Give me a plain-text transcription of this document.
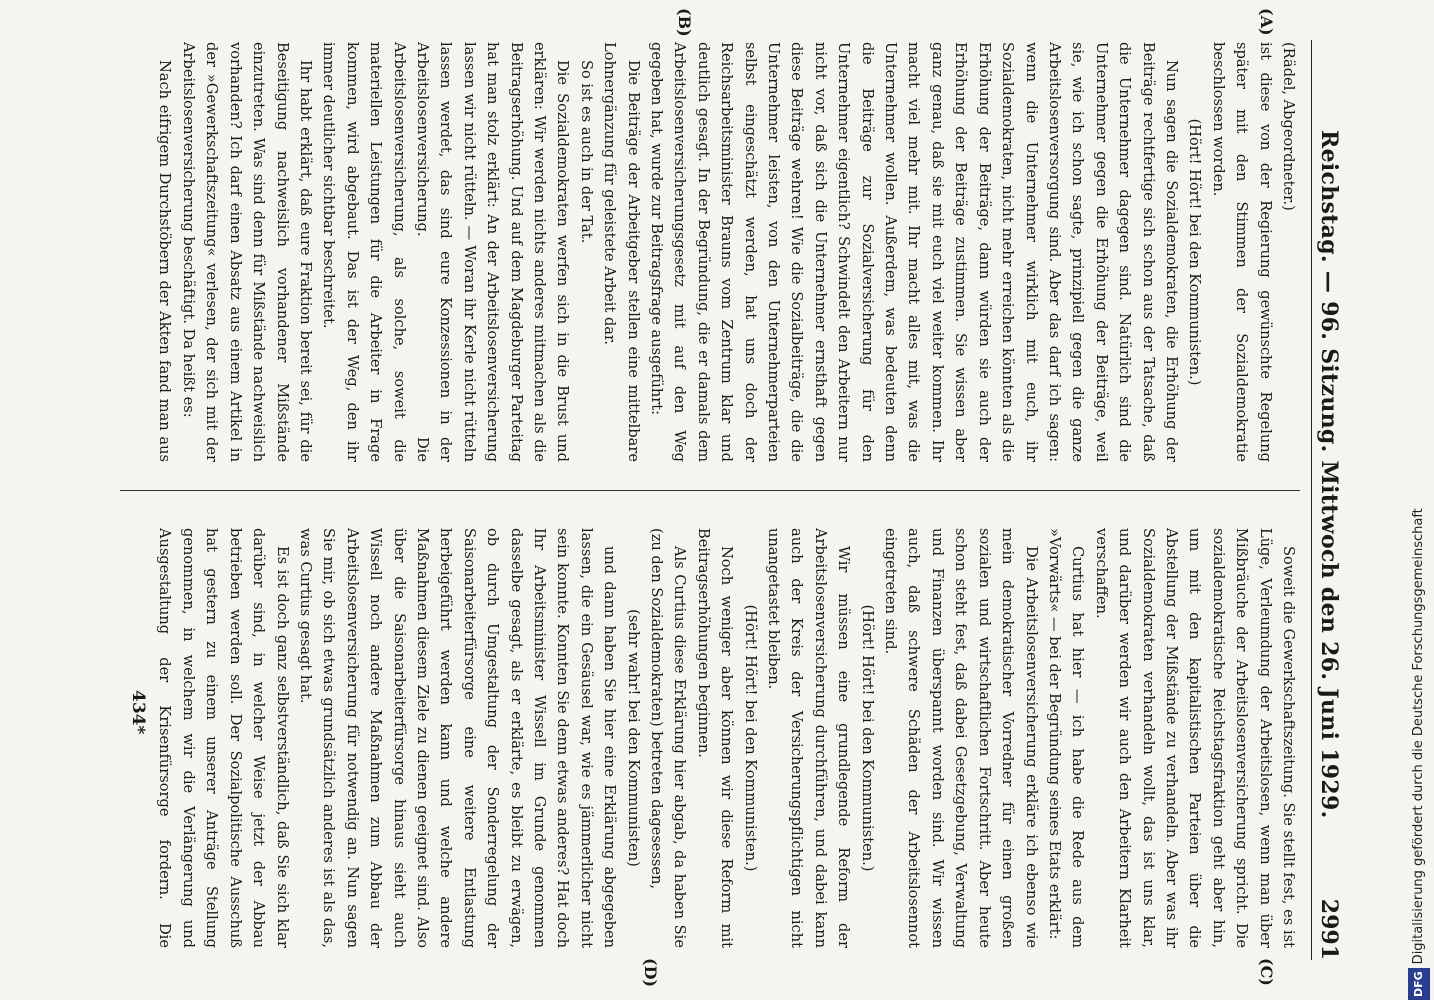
Reichstag. — 96. Sitzung. Mittwoch den 26. Juni 1929.
2991
(A)
(B)
(C)
(D)

(Rädel, Abgeordneter.)

ist diese von der Regierung gewünschte Regelung später mit den Stimmen der Sozialdemokratie beschlossen worden.

(Hört! Hört! bei den Kommunisten.)

Nun sagen die Sozialdemokraten, die Erhöhung der Beiträge rechtfertige sich schon aus der Tatsache, daß die Unternehmer dagegen sind. Natürlich sind die Unternehmer gegen die Erhöhung der Beiträge, weil sie, wie ich schon sagte, prinzipiell gegen die ganze Arbeitslosenversorgung sind. Aber das darf ich sagen: wenn die Unternehmer wirklich mit euch, ihr Sozialdemokraten, nicht mehr erreichen könnten als die Erhöhung der Beiträge, dann würden sie auch der Erhöhung der Beiträge zustimmen. Sie wissen aber ganz genau, daß sie mit euch viel weiter kommen. Ihr macht viel mehr mit. Ihr macht alles mit, was die Unternehmer wollen. Außerdem, was bedeuten denn die Beiträge zur Sozialversicherung für den Unternehmer eigentlich? Schwindelt den Arbeitern nur nicht vor, daß sich die Unternehmer ernsthaft gegen diese Beiträge wehren! Wie die Sozialbeiträge, die die Unternehmer leisten, von den Unternehmerparteien selbst eingeschätzt werden, hat uns doch der Reichsarbeitsminister Brauns vom Zentrum klar und deutlich gesagt. In der Begründung, die er damals dem Arbeitslosenversicherungsgesetz mit auf den Weg gegeben hat, wurde zur Beitragsfrage ausgeführt:

Die Beiträge der Arbeitgeber stellen eine mittelbare Lohnergänzung für geleistete Arbeit dar.

So ist es auch in der Tat.

Die Sozialdemokraten werfen sich in die Brust und erklären: Wir werden nichts anderes mitmachen als die Beitragserhöhung. Und auf dem Magdeburger Parteitag hat man stolz erklärt: An der Arbeitslosenversicherung lassen wir nicht rütteln. — Woran ihr Kerle nicht rütteln lassen werdet, das sind eure Konzessionen in der Arbeitslosenversicherung. Die Arbeitslosenversicherung, als solche, soweit die materiellen Leistungen für die Arbeiter in Frage kommen, wird abgebaut. Das ist der Weg, den ihr immer deutlicher sichtbar beschreitet.

Ihr habt erklärt, daß eure Fraktion bereit sei, für die Beseitigung nachweislich vorhandener Mißstände einzutreten. Was sind denn für Mißstände nachweislich vorhanden? Ich darf einen Absatz aus einem Artikel in der »Gewerkschaftszeitung« verlesen, der sich mit der Arbeitslosenversicherung beschäftigt. Da heißt es:

Nach eifrigem Durchstöbern der Akten fand man aus

Soweit die Gewerkschaftszeitung. Sie stellt fest, es ist Lüge, Verleumdung der Arbeitslosen, wenn man über Mißbräuche der Arbeitslosenversicherung spricht. Die sozialdemokratische Reichstagsfraktion geht aber hin, um mit den kapitalistischen Parteien über die Abstellung der Mißstände zu verhandeln. Aber was ihr Sozialdemokraten verhandeln wollt, das ist uns klar, und darüber werden wir auch den Arbeitern Klarheit verschaffen.

Curtius hat hier — ich habe die Rede aus dem »Vorwärts« — bei der Begründung seines Etats erklärt:

Die Arbeitslosenversicherung erkläre ich ebenso wie mein demokratischer Vorredner für einen großen sozialen und wirtschaftlichen Fortschritt. Aber heute schon steht fest, daß dabei Gesetzgebung, Verwaltung und Finanzen überspannt worden sind. Wir wissen auch, daß schwere Schäden der Arbeitslosennot eingetreten sind.

(Hört! Hört! bei den Kommunisten.)

Wir müssen eine grundlegende Reform der Arbeitslosenversicherung durchführen, und dabei kann auch der Kreis der Versicherungspflichtigen nicht unangetastet bleiben.

(Hört! Hört! bei den Kommunisten.)

Noch weniger aber können wir diese Reform mit Beitragserhöhungen beginnen.

Als Curtius diese Erklärung hier abgab, da haben Sie (zu den Sozialdemokraten) betreten dagesessen,

(sehr wahr! bei den Kommunisten)

und dann haben Sie hier eine Erklärung abgegeben lassen, die ein Gesäusel war, wie es jämmerlicher nicht sein konnte. Konnten Sie denn etwas anderes? Hat doch Ihr Arbeitsminister Wissell im Grunde genommen dasselbe gesagt, als er erklärte, es bleibt zu erwägen, ob durch Umgestaltung der Sonderregelung der Saisonarbeiterfürsorge eine weitere Entlastung herbeigeführt werden kann und welche andere Maßnahmen diesem Ziele zu dienen geeignet sind. Also über die Saisonarbeiterfürsorge hinaus sieht auch Wissell noch andere Maßnahmen zum Abbau der Arbeitslosenversicherung für notwendig an. Nun sagen Sie mir, ob sich etwas grundsätzlich anderes ist als das, was Curtius gesagt hat.

Es ist doch ganz selbstverständlich, daß Sie sich klar darüber sind, in welcher Weise jetzt der Abbau betrieben werden soll. Der Sozialpolitische Ausschuß hat gestern zu einem unserer Anträge Stellung genommen, in welchem wir die Verlängerung und Ausgestaltung der Krisenfürsorge fordern. Die

434*
DFGDigitalisierung gefördert durch die Deutsche Forschungsgemeinschaft
